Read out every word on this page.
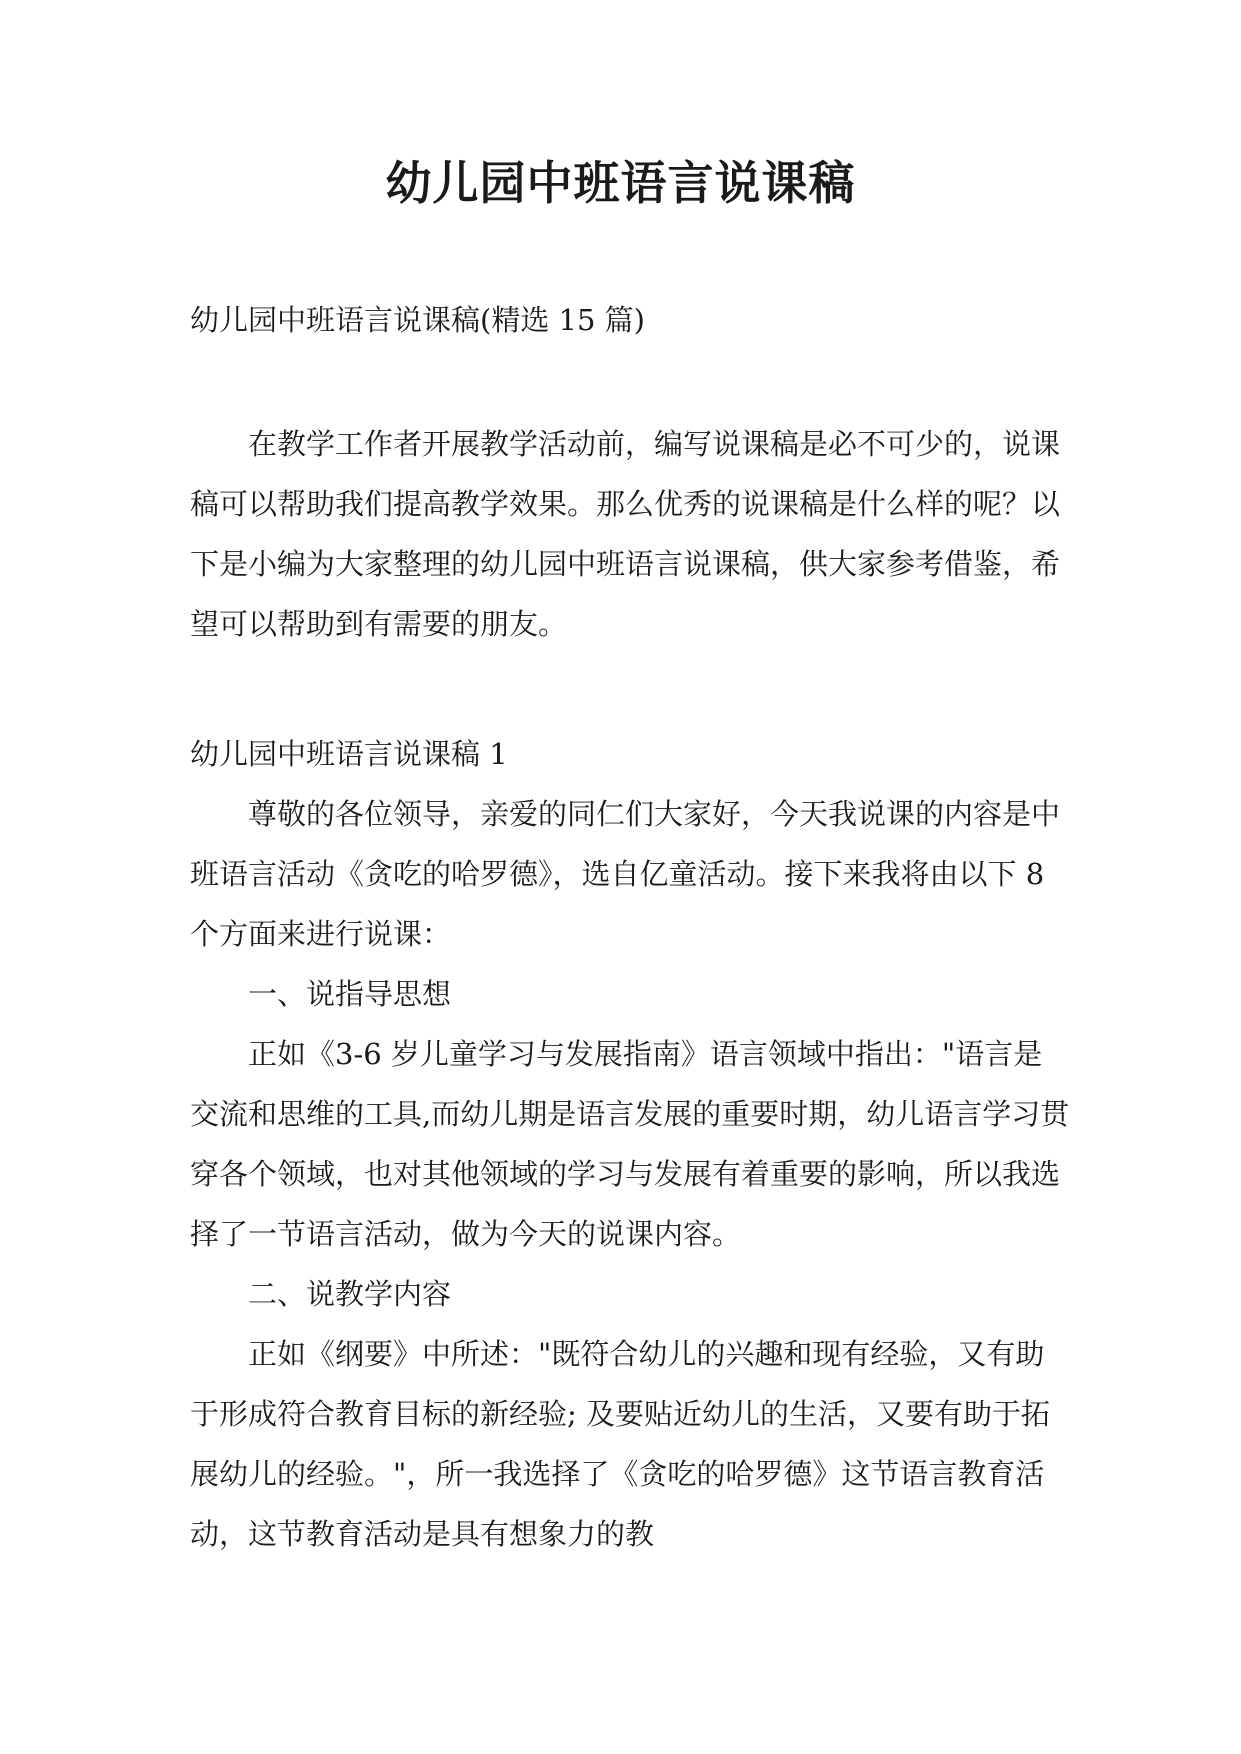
幼儿园中班语言说课稿

幼儿园中班语言说课稿(精选 15 篇)

在教学工作者开展教学活动前，编写说课稿是必不可少的，说课稿可以帮助我们提高教学效果。那么优秀的说课稿是什么样的呢？以下是小编为大家整理的幼儿园中班语言说课稿，供大家参考借鉴，希望可以帮助到有需要的朋友。

幼儿园中班语言说课稿 1

尊敬的各位领导，亲爱的同仁们大家好，今天我说课的内容是中班语言活动《贪吃的哈罗德》，选自亿童活动。接下来我将由以下 8 个方面来进行说课：

一、说指导思想

正如《3-6 岁儿童学习与发展指南》语言领域中指出："语言是交流和思维的工具,而幼儿期是语言发展的重要时期，幼儿语言学习贯穿各个领域，也对其他领域的学习与发展有着重要的影响，所以我选择了一节语言活动，做为今天的说课内容。

二、说教学内容

正如《纲要》中所述："既符合幼儿的兴趣和现有经验，又有助于形成符合教育目标的新经验; 及要贴近幼儿的生活，又要有助于拓展幼儿的经验。"，所一我选择了《贪吃的哈罗德》这节语言教育活动，这节教育活动是具有想象力的教
